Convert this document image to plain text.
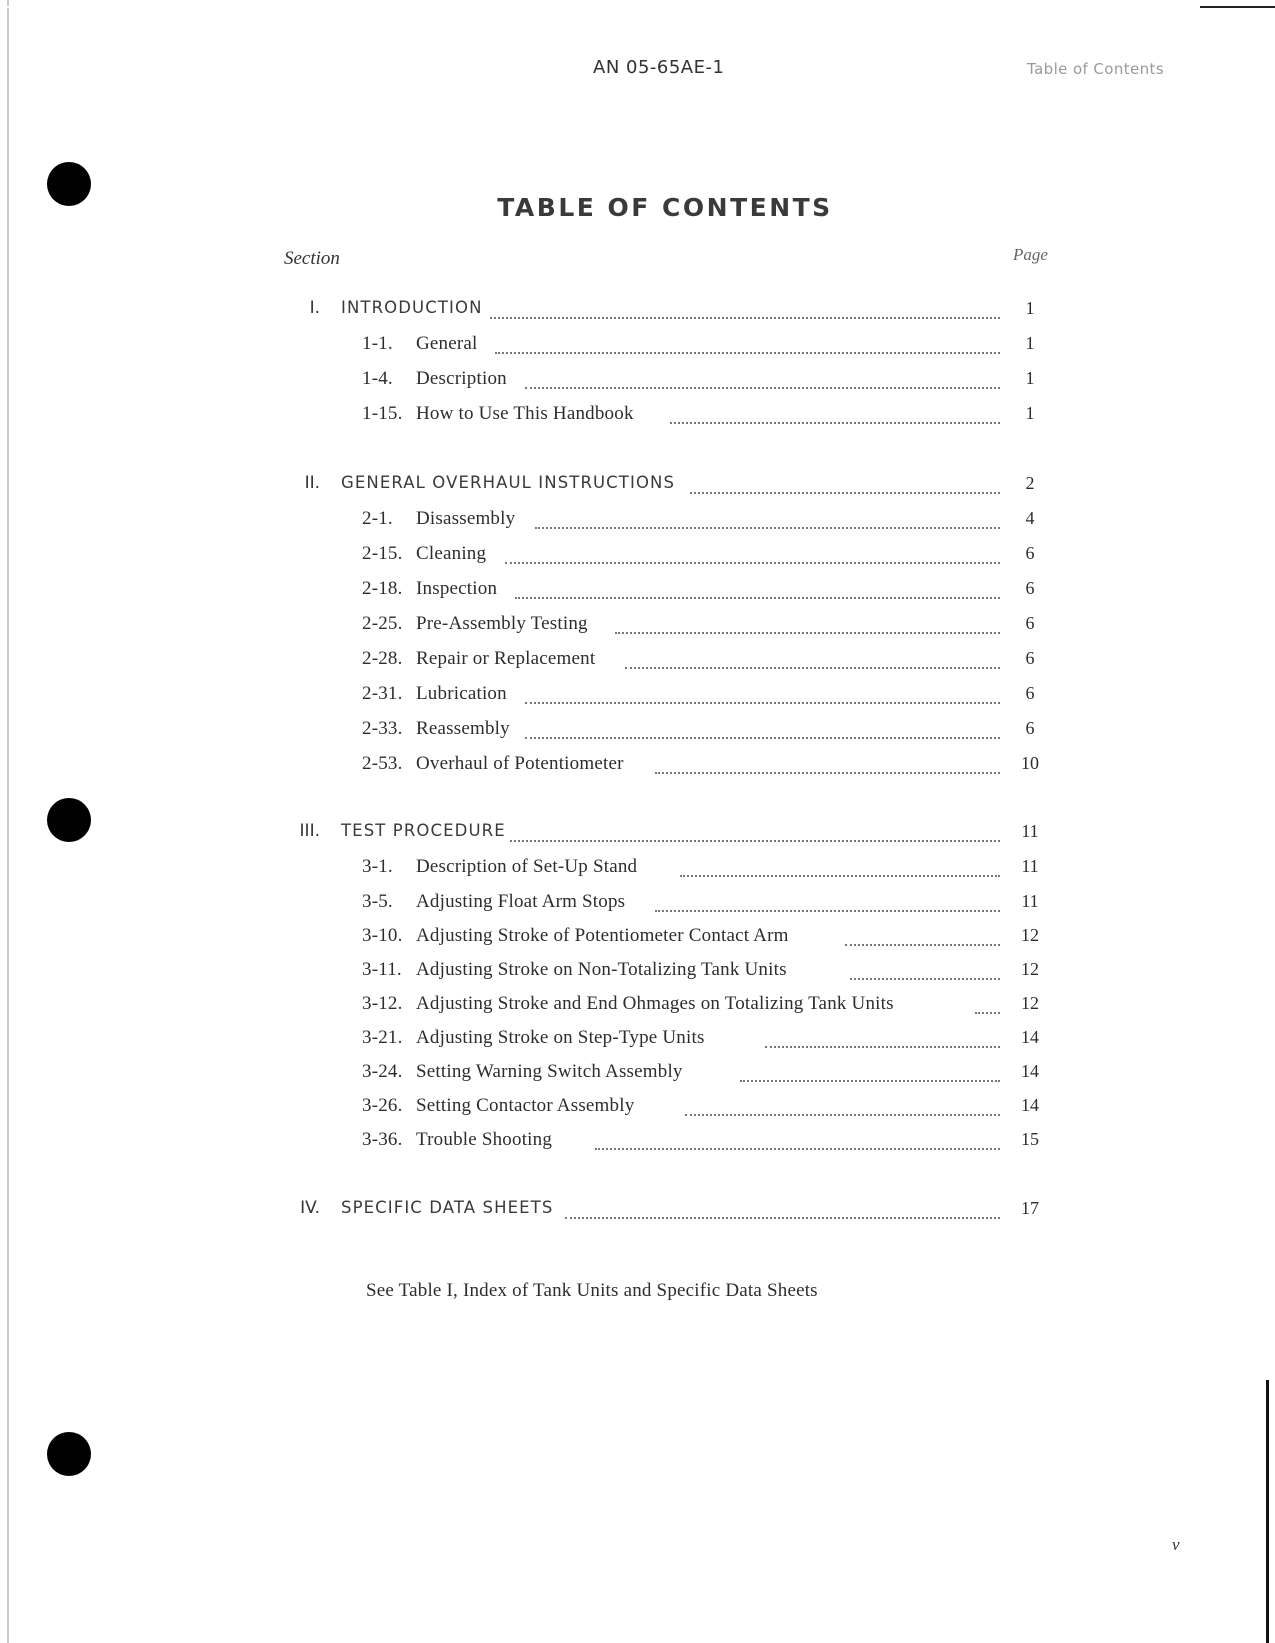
AN 05-65AE-1	Table of Contents
TABLE OF CONTENTS
Section	Page
I. INTRODUCTION	1
1-1. General	1
1-4. Description	1
1-15. How to Use This Handbook	1
II. GENERAL OVERHAUL INSTRUCTIONS	2
2-1. Disassembly	4
2-15. Cleaning	6
2-18. Inspection	6
2-25. Pre-Assembly Testing	6
2-28. Repair or Replacement	6
2-31. Lubrication	6
2-33. Reassembly	6
2-53. Overhaul of Potentiometer	10
III. TEST PROCEDURE	11
3-1. Description of Set-Up Stand	11
3-5. Adjusting Float Arm Stops	11
3-10. Adjusting Stroke of Potentiometer Contact Arm	12
3-11. Adjusting Stroke on Non-Totalizing Tank Units	12
3-12. Adjusting Stroke and End Ohmages on Totalizing Tank Units	12
3-21. Adjusting Stroke on Step-Type Units	14
3-24. Setting Warning Switch Assembly	14
3-26. Setting Contactor Assembly	14
3-36. Trouble Shooting	15
IV. SPECIFIC DATA SHEETS	17
See Table I, Index of Tank Units and Specific Data Sheets
v
